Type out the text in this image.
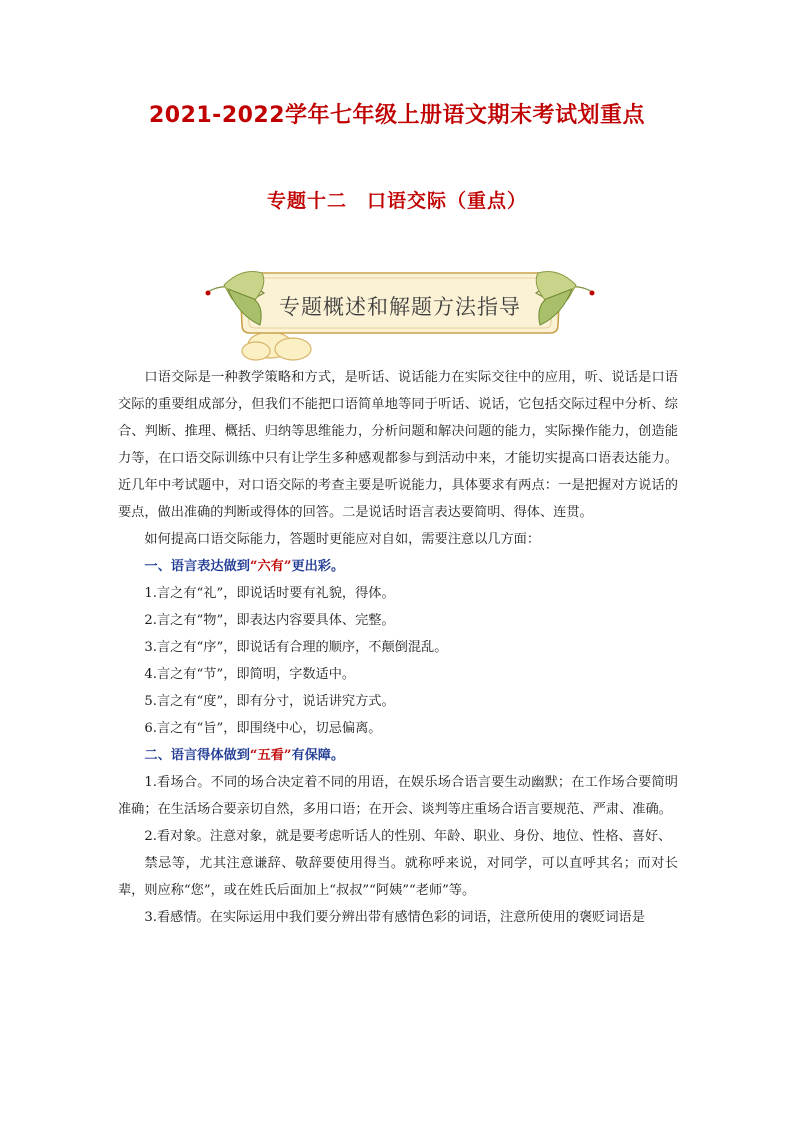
2021-2022学年七年级上册语文期末考试划重点
专题十二　口语交际（重点）
专题概述和解题方法指导

口语交际是一种教学策略和方式，是听话、说话能力在实际交往中的应用，听、说话是口语交际的重要组成部分，但我们不能把口语简单地等同于听话、说话，它包括交际过程中分析、综合、判断、推理、概括、归纳等思维能力，分析问题和解决问题的能力，实际操作能力，创造能力等，在口语交际训练中只有让学生多种感观都参与到活动中来，才能切实提高口语表达能力。近几年中考试题中，对口语交际的考查主要是听说能力，具体要求有两点：一是把握对方说话的要点，做出准确的判断或得体的回答。二是说话时语言表达要简明、得体、连贯。

如何提高口语交际能力，答题时更能应对自如，需要注意以几方面：

一、语言表达做到“六有”更出彩。

1.言之有“礼”，即说话时要有礼貌，得体。

2.言之有“物”，即表达内容要具体、完整。

3.言之有“序”，即说话有合理的顺序，不颠倒混乱。

4.言之有“节”，即简明，字数适中。

5.言之有“度”，即有分寸，说话讲究方式。

6.言之有“旨”，即围绕中心，切忌偏离。

二、语言得体做到“五看”有保障。

1.看场合。不同的场合决定着不同的用语，在娱乐场合语言要生动幽默；在工作场合要简明准确；在生活场合要亲切自然，多用口语；在开会、谈判等庄重场合语言要规范、严肃、准确。

2.看对象。注意对象，就是要考虑听话人的性别、年龄、职业、身份、地位、性格、喜好、

禁忌等，尤其注意谦辞、敬辞要使用得当。就称呼来说，对同学，可以直呼其名；而对长辈，则应称“您”，或在姓氏后面加上“叔叔”“阿姨”“老师”等。

3.看感情。在实际运用中我们要分辨出带有感情色彩的词语，注意所使用的褒贬词语是
